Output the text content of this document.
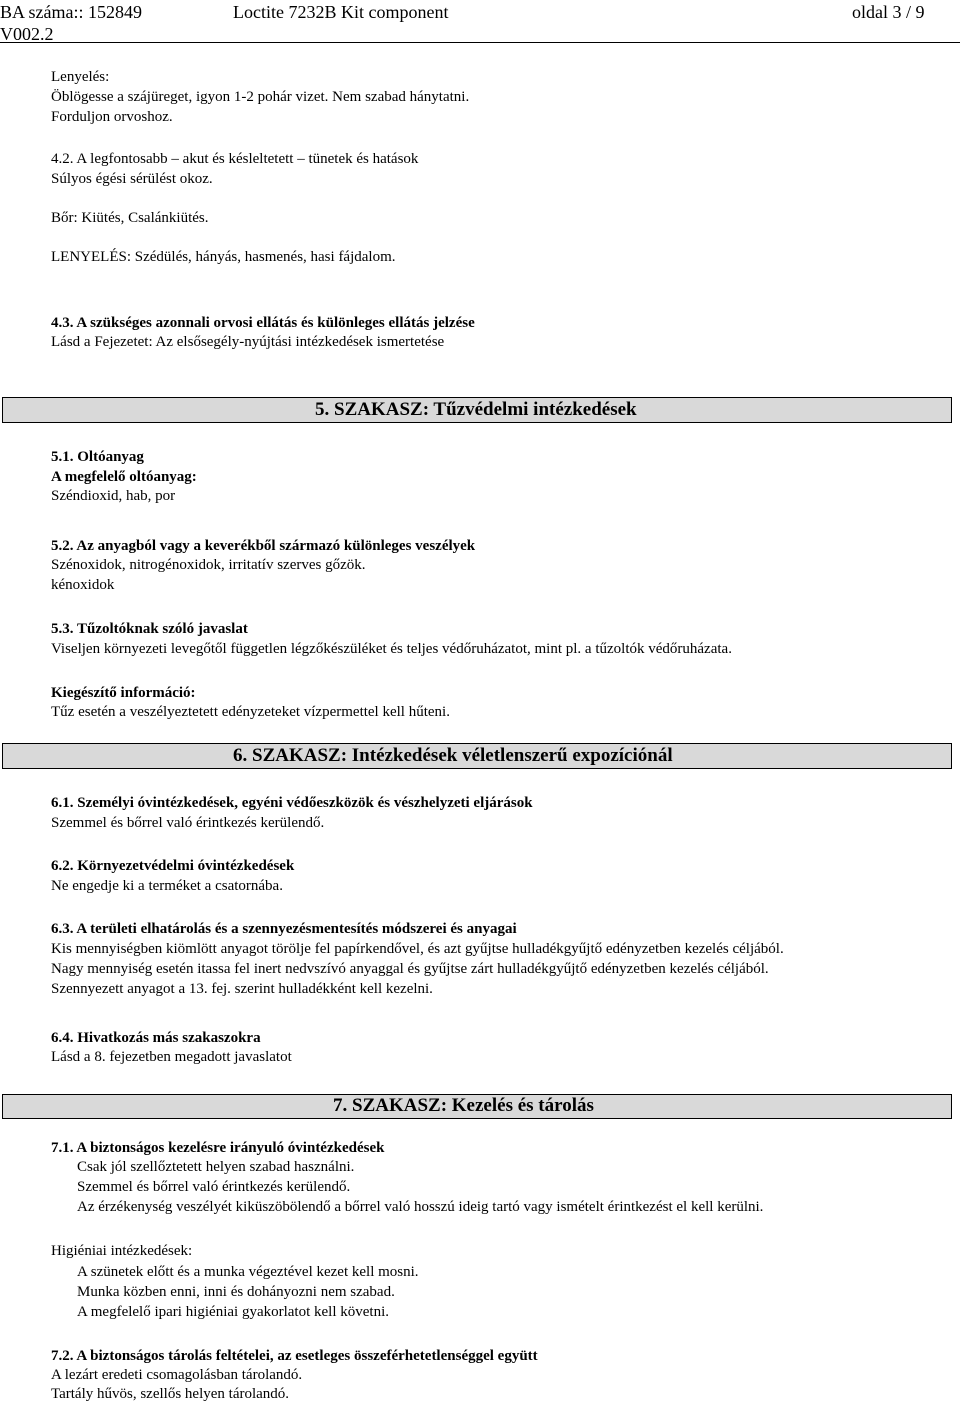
BA száma:: 152849	Loctite 7232B Kit component	oldal 3 / 9
V002.2
Lenyelés:
Öblögesse a szájüreget, igyon 1-2 pohár vizet. Nem szabad hánytatni.
Forduljon orvoshoz.
4.2. A legfontosabb – akut és késleltetett – tünetek és hatások
Súlyos égési sérülést okoz.
Bőr: Kiütés, Csalánkiütés.
LENYELÉS: Szédülés, hányás, hasmenés, hasi fájdalom.
4.3. A szükséges azonnali orvosi ellátás és különleges ellátás jelzése
Lásd a Fejezetet: Az elsősegély-nyújtási intézkedések ismertetése
5. SZAKASZ: Tűzvédelmi intézkedések
5.1. Oltóanyag
A megfelelő oltóanyag:
Széndioxid, hab, por
5.2. Az anyagból vagy a keverékből származó különleges veszélyek
Szénoxidok, nitrogénoxidok, irritatív szerves gőzök.
kénoxidok
5.3. Tűzoltóknak szóló javaslat
Viseljen környezeti levegőtől független légzőkészüléket és teljes védőruházatot, mint pl. a tűzoltók védőruházata.
Kiegészítő információ:
Tűz esetén a veszélyeztetett edényzeteket vízpermettel kell hűteni.
6. SZAKASZ: Intézkedések véletlenszerű expozíciónál
6.1. Személyi óvintézkedések, egyéni védőeszközök és vészhelyzeti eljárások
Szemmel és bőrrel való érintkezés kerülendő.
6.2. Környezetvédelmi óvintézkedések
Ne engedje ki a terméket a csatornába.
6.3. A területi elhatárolás és a szennyezésmentesítés módszerei és anyagai
Kis mennyiségben kiömlött anyagot törölje fel papírkendővel, és azt gyűjtse hulladékgyűjtő edényzetben kezelés céljából.
Nagy mennyiség esetén itassa fel inert nedvszívó anyaggal és gyűjtse zárt hulladékgyűjtő edényzetben kezelés céljából.
Szennyezett anyagot a 13. fej. szerint hulladékként kell kezelni.
6.4. Hivatkozás más szakaszokra
Lásd a 8. fejezetben megadott javaslatot
7. SZAKASZ: Kezelés és tárolás
7.1. A biztonságos kezelésre irányuló óvintézkedések
Csak jól szellőztetett helyen szabad használni.
Szemmel és bőrrel való érintkezés kerülendő.
Az érzékenység veszélyét kiküszöbölendő a bőrrel való hosszú ideig tartó vagy ismételt érintkezést el kell kerülni.
Higiéniai intézkedések:
A szünetek előtt és a munka végeztével kezet kell mosni.
Munka közben enni, inni és dohányozni nem szabad.
A megfelelő ipari higiéniai gyakorlatot kell követni.
7.2. A biztonságos tárolás feltételei, az esetleges összeférhetetlenséggel együtt
A lezárt eredeti csomagolásban tárolandó.
Tartály hűvös, szellős helyen tárolandó.
